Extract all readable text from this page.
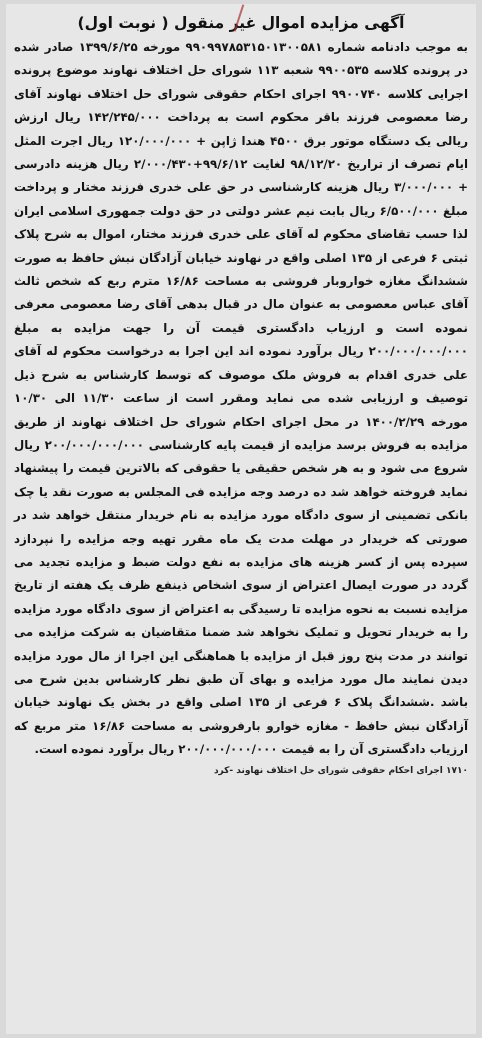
آگهی مزایده اموال غیر منقول ( نوبت اول)
به موجب دادنامه شماره ۹۹۰۹۹۷۸۵۳۱۵۰۱۳۰۰۵۸۱ مورخه ۱۳۹۹/۶/۲۵ صادر شده در پرونده کلاسه ۹۹۰۰۵۳۵ شعبه ۱۱۳ شورای حل اختلاف نهاوند موضوع پرونده اجرایی کلاسه ۹۹۰۰۷۴۰ اجرای احکام حقوقی شورای حل اختلاف نهاوند آقای رضا معصومی فرزند باقر محکوم است به پرداخت ۱۴۲/۲۴۵/۰۰۰ ریال ارزش ریالی یک دستگاه موتور برق ۴۵۰۰ هندا ژاپن + ۱۲۰/۰۰۰/۰۰۰ ریال اجرت المثل ایام تصرف از تراریخ ۹۸/۱۲/۲۰ لغایت ۹۹/۶/۱۲+۲/۰۰۰/۴۳۰ ریال هزینه دادرسی + ۳/۰۰۰/۰۰۰ ریال هزینه کارشناسی در حق علی خدری فرزند مختار و پرداخت مبلغ ۶/۵۰۰/۰۰۰ ریال بابت نیم عشر دولتی در حق دولت جمهوری اسلامی ایران لذا حسب تقاضای محکوم له آقای علی خدری فرزند مختار، اموال به شرح پلاک ثبتی ۶ فرعی از ۱۳۵ اصلی واقع در نهاوند خیابان آزادگان نبش حافظ به صورت ششدانگ مغازه خواروبار فروشی به مساحت ۱۶/۸۶ مترم ربع که شخص ثالث آقای عباس معصومی به عنوان مال در قبال بدهی آقای رضا معصومی معرفی نموده است و ارزیاب دادگستری قیمت آن را جهت مزایده به مبلغ ۲۰۰/۰۰۰/۰۰۰/۰۰۰ ریال برآورد نموده اند این اجرا به درخواست محکوم له آقای علی خدری اقدام به فروش ملک موصوف که توسط کارشناس به شرح ذیل توصیف و ارزیابی شده می نماید ومقرر است از ساعت ۱۱/۳۰ الی ۱۰/۳۰ مورخه ۱۴۰۰/۲/۲۹ در محل اجرای احکام شورای حل اختلاف نهاوند از طریق مزایده به فروش برسد مزایده از قیمت پایه کارشناسی ۲۰۰/۰۰۰/۰۰۰/۰۰۰ ریال شروع می شود و به هر شخص حقیقی یا حقوقی که بالاترین قیمت را پیشنهاد نماید فروخته خواهد شد ده درصد وجه مزایده فی المجلس به صورت نقد یا چک بانکی تضمینی از سوی دادگاه مورد مزایده به نام خریدار منتقل خواهد شد در صورتی که خریدار در مهلت مدت یک ماه مقرر تهیه وجه مزایده را نپردازد سپرده پس از کسر هزینه های مزایده به نفع دولت ضبط و مزایده تجدید می گردد در صورت ایصال اعتراض از سوی اشخاص ذینفع ظرف یک هفته از تاریخ مزایده نسبت به نحوه مزایده تا رسیدگی به اعتراض از سوی دادگاه مورد مزایده را به خریدار تحویل و تملیک نخواهد شد ضمنا متقاضیان به شرکت مزایده می توانند در مدت پنج روز قبل از مزایده با هماهنگی این اجرا از مال مورد مزایده دیدن نمایند مال مورد مزایده و بهای آن طبق نظر کارشناس بدین شرح می باشد .ششدانگ پلاک ۶ فرعی از ۱۳۵ اصلی واقع در بخش یک نهاوند خیابان آزادگان نبش حافظ - مغازه خوارو بارفروشی به مساحت ۱۶/۸۶ متر مربع که ارزیاب دادگستری آن را به قیمت ۲۰۰/۰۰۰/۰۰۰/۰۰۰ ریال برآورد نموده است.
۱۷۱۰ اجرای احکام حقوقی شورای حل اختلاف نهاوند -کرد
